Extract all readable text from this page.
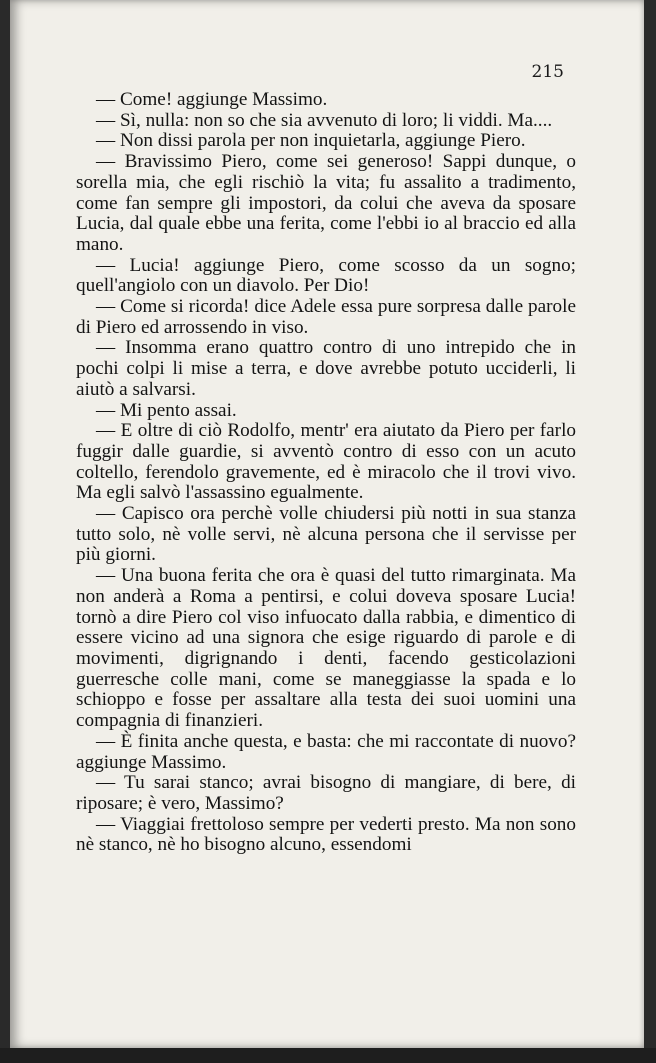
215

— Come! aggiunge Massimo.

— Sì, nulla: non so che sia avvenuto di loro; li viddi. Ma....

— Non dissi parola per non inquietarla, aggiunge Piero.

— Bravissimo Piero, come sei generoso! Sappi dunque, o sorella mia, che egli rischiò la vita; fu assalito a tradimento, come fan sempre gli impostori, da colui che aveva da sposare Lucia, dal quale ebbe una ferita, come l'ebbi io al braccio ed alla mano.

— Lucia! aggiunge Piero, come scosso da un sogno; quell'angiolo con un diavolo. Per Dio!

— Come si ricorda! dice Adele essa pure sorpresa dalle parole di Piero ed arrossendo in viso.

— Insomma erano quattro contro di uno intrepido che in pochi colpi li mise a terra, e dove avrebbe potuto ucciderli, li aiutò a salvarsi.

— Mi pento assai.

— E oltre di ciò Rodolfo, mentr' era aiutato da Piero per farlo fuggir dalle guardie, si avventò contro di esso con un acuto coltello, ferendolo gravemente, ed è miracolo che il trovi vivo. Ma egli salvò l'assassino egualmente.

— Capisco ora perchè volle chiudersi più notti in sua stanza tutto solo, nè volle servi, nè alcuna persona che il servisse per più giorni.

— Una buona ferita che ora è quasi del tutto rimarginata. Ma non anderà a Roma a pentirsi, e colui doveva sposare Lucia! tornò a dire Piero col viso infuocato dalla rabbia, e dimentico di essere vicino ad una signora che esige riguardo di parole e di movimenti, digrignando i denti, facendo gesticolazioni guerresche colle mani, come se maneggiasse la spada e lo schioppo e fosse per assaltare alla testa dei suoi uomini una compagnia di finanzieri.

— È finita anche questa, e basta: che mi raccontate di nuovo? aggiunge Massimo.

— Tu sarai stanco; avrai bisogno di mangiare, di bere, di riposare; è vero, Massimo?

— Viaggiai frettoloso sempre per vederti presto. Ma non sono nè stanco, nè ho bisogno alcuno, essendomi
